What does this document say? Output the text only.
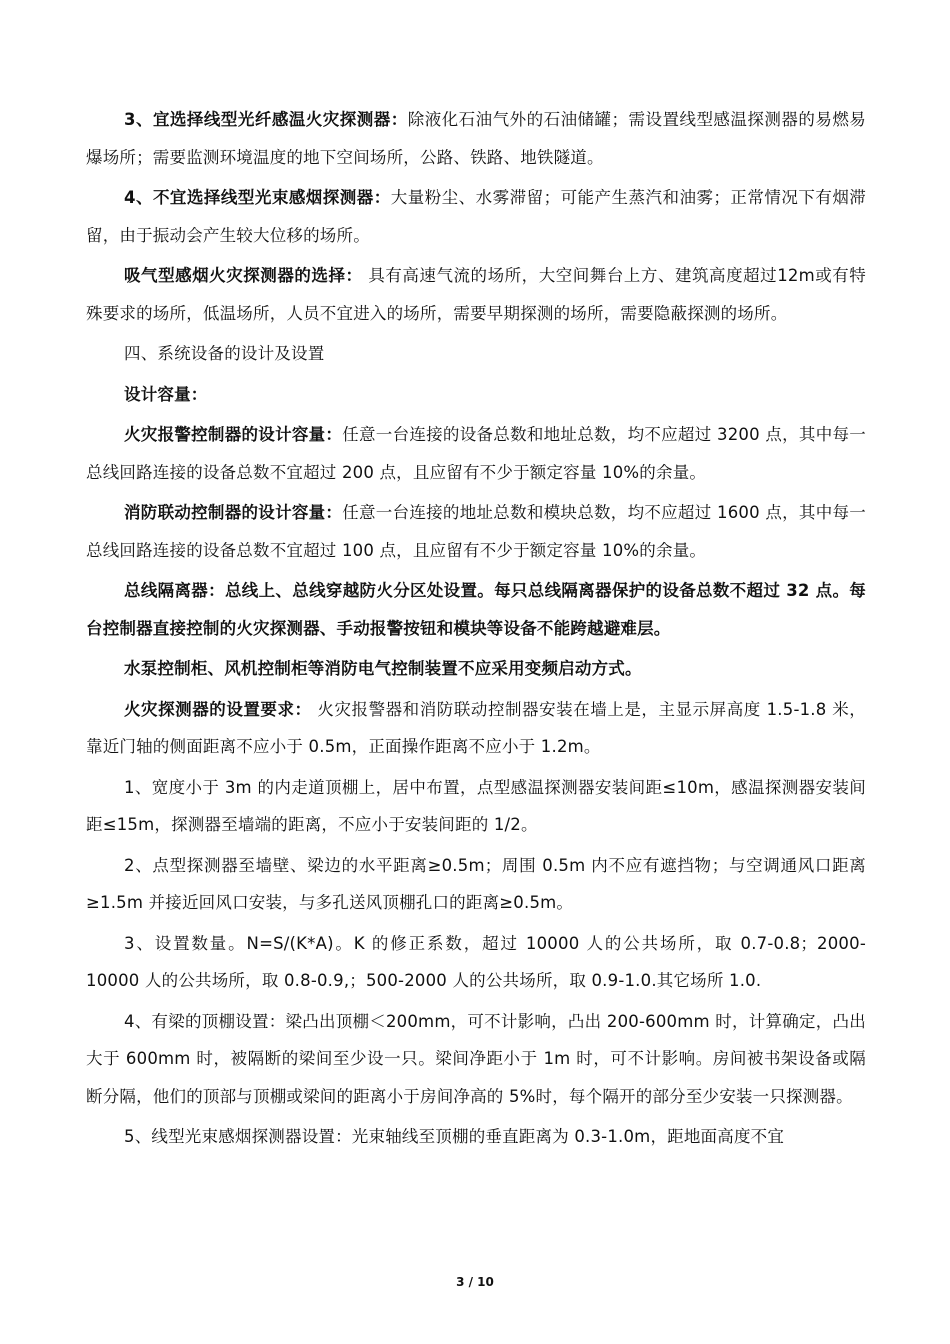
3、宜选择线型光纤感温火灾探测器：除液化石油气外的石油储罐；需设置线型感温探测器的易燃易爆场所；需要监测环境温度的地下空间场所，公路、铁路、地铁隧道。

4、不宜选择线型光束感烟探测器：大量粉尘、水雾滞留；可能产生蒸汽和油雾；正常情况下有烟滞留，由于振动会产生较大位移的场所。

吸气型感烟火灾探测器的选择： 具有高速气流的场所，大空间舞台上方、建筑高度超过12m或有特殊要求的场所，低温场所，人员不宜进入的场所，需要早期探测的场所，需要隐蔽探测的场所。

四、系统设备的设计及设置

设计容量：

火灾报警控制器的设计容量：任意一台连接的设备总数和地址总数，均不应超过 3200 点，其中每一总线回路连接的设备总数不宜超过 200 点，且应留有不少于额定容量 10%的余量。

消防联动控制器的设计容量：任意一台连接的地址总数和模块总数，均不应超过 1600 点，其中每一总线回路连接的设备总数不宜超过 100 点，且应留有不少于额定容量 10%的余量。

总线隔离器：总线上、总线穿越防火分区处设置。每只总线隔离器保护的设备总数不超过 32 点。每台控制器直接控制的火灾探测器、手动报警按钮和模块等设备不能跨越避难层。

水泵控制柜、风机控制柜等消防电气控制装置不应采用变频启动方式。

火灾探测器的设置要求： 火灾报警器和消防联动控制器安装在墙上是，主显示屏高度 1.5-1.8 米，靠近门轴的侧面距离不应小于 0.5m，正面操作距离不应小于 1.2m。

1、宽度小于 3m 的内走道顶棚上，居中布置，点型感温探测器安装间距≤10m，感温探测器安装间距≤15m，探测器至墙端的距离，不应小于安装间距的 1/2。

2、点型探测器至墙壁、梁边的水平距离≥0.5m；周围 0.5m 内不应有遮挡物；与空调通风口距离≥1.5m 并接近回风口安装，与多孔送风顶棚孔口的距离≥0.5m。

3、设置数量。N=S/(K*A)。K 的修正系数，超过 10000 人的公共场所，取 0.7-0.8；2000-10000 人的公共场所，取 0.8-0.9,；500-2000 人的公共场所，取 0.9-1.0.其它场所 1.0.

4、有梁的顶棚设置：梁凸出顶棚＜200mm，可不计影响，凸出 200-600mm 时，计算确定，凸出大于 600mm 时，被隔断的梁间至少设一只。梁间净距小于 1m 时，可不计影响。房间被书架设备或隔断分隔，他们的顶部与顶棚或梁间的距离小于房间净高的 5%时，每个隔开的部分至少安装一只探测器。

5、线型光束感烟探测器设置：光束轴线至顶棚的垂直距离为 0.3-1.0m，距地面高度不宜

3 / 10
